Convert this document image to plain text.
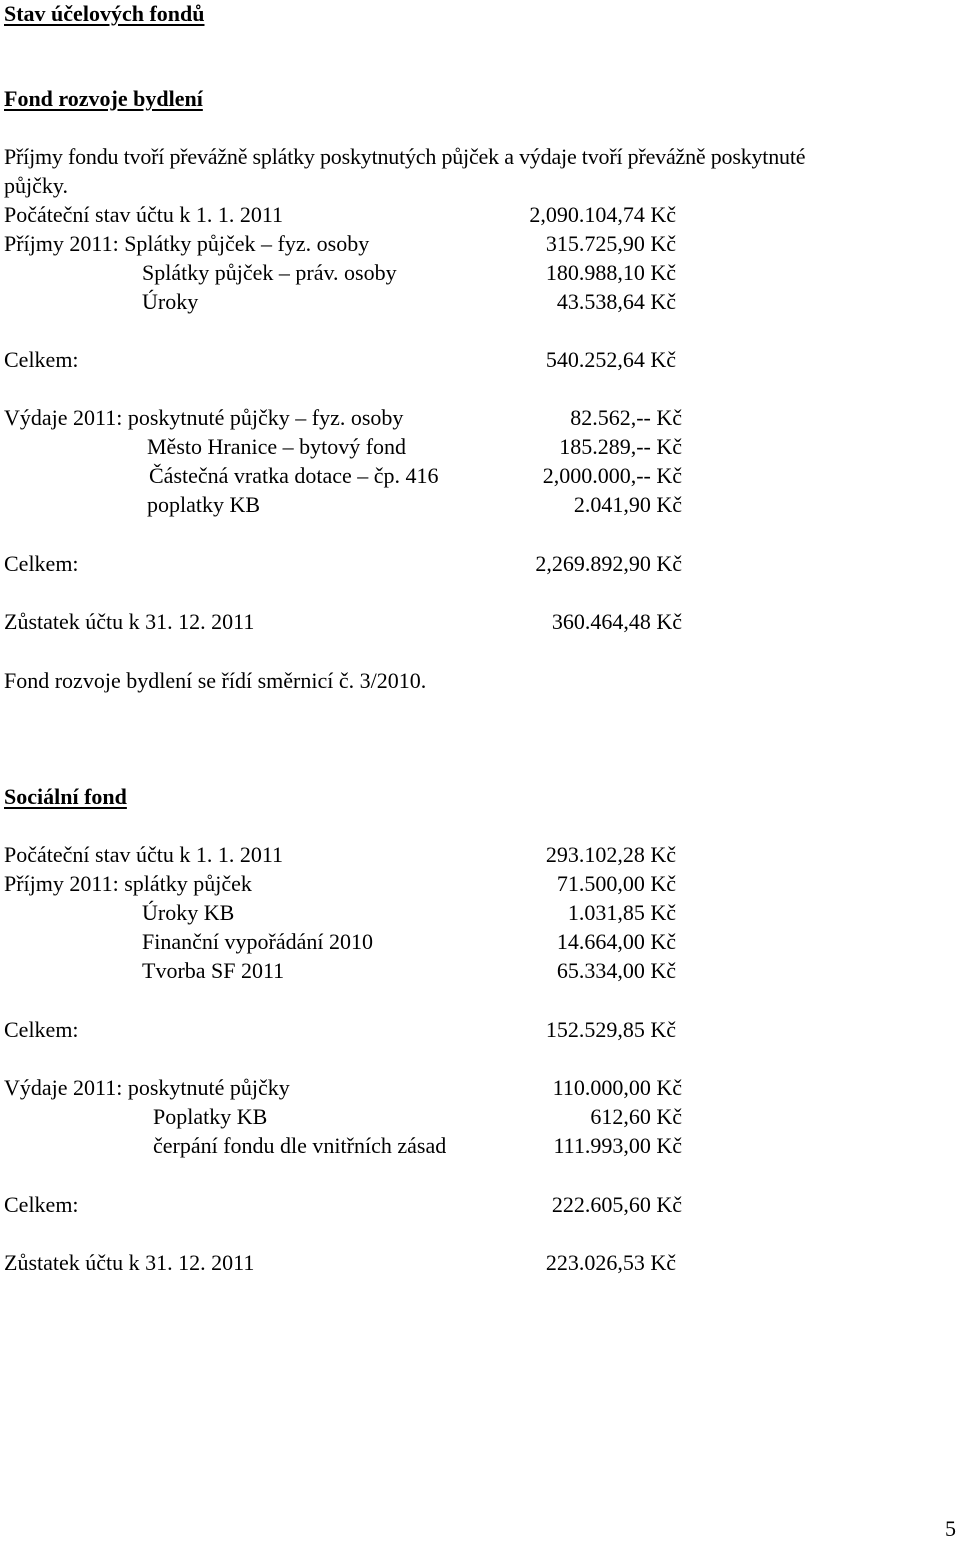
Stav účelových fondů

Fond rozvoje bydlení

Příjmy fondu tvoří převážně splátky poskytnutých půjček a výdaje tvoří převážně poskytnuté

půjčky.

Počáteční stav účtu k 1. 1. 2011	2,090.104,74 Kč

Příjmy 2011: Splátky půjček – fyz. osoby	315.725,90 Kč

Splátky půjček – práv. osoby	180.988,10 Kč

Úroky	43.538,64 Kč

Celkem:	540.252,64 Kč

Výdaje 2011: poskytnuté půjčky – fyz. osoby	82.562,-- Kč

Město Hranice – bytový fond	185.289,-- Kč

Částečná vratka dotace – čp. 416	2,000.000,-- Kč

poplatky KB	2.041,90 Kč

Celkem:	2,269.892,90 Kč

Zůstatek účtu k 31. 12. 2011	360.464,48 Kč

Fond rozvoje bydlení se řídí směrnicí č. 3/2010.

Sociální fond

Počáteční stav účtu k 1. 1. 2011	293.102,28 Kč

Příjmy 2011: splátky půjček	71.500,00 Kč

Úroky KB	1.031,85 Kč

Finanční vypořádání 2010	14.664,00 Kč

Tvorba SF 2011	65.334,00 Kč

Celkem:	152.529,85 Kč

Výdaje 2011: poskytnuté půjčky	110.000,00 Kč

Poplatky KB	612,60 Kč

čerpání fondu dle vnitřních zásad	111.993,00 Kč

Celkem:	222.605,60 Kč

Zůstatek účtu k 31. 12. 2011	223.026,53 Kč

5
